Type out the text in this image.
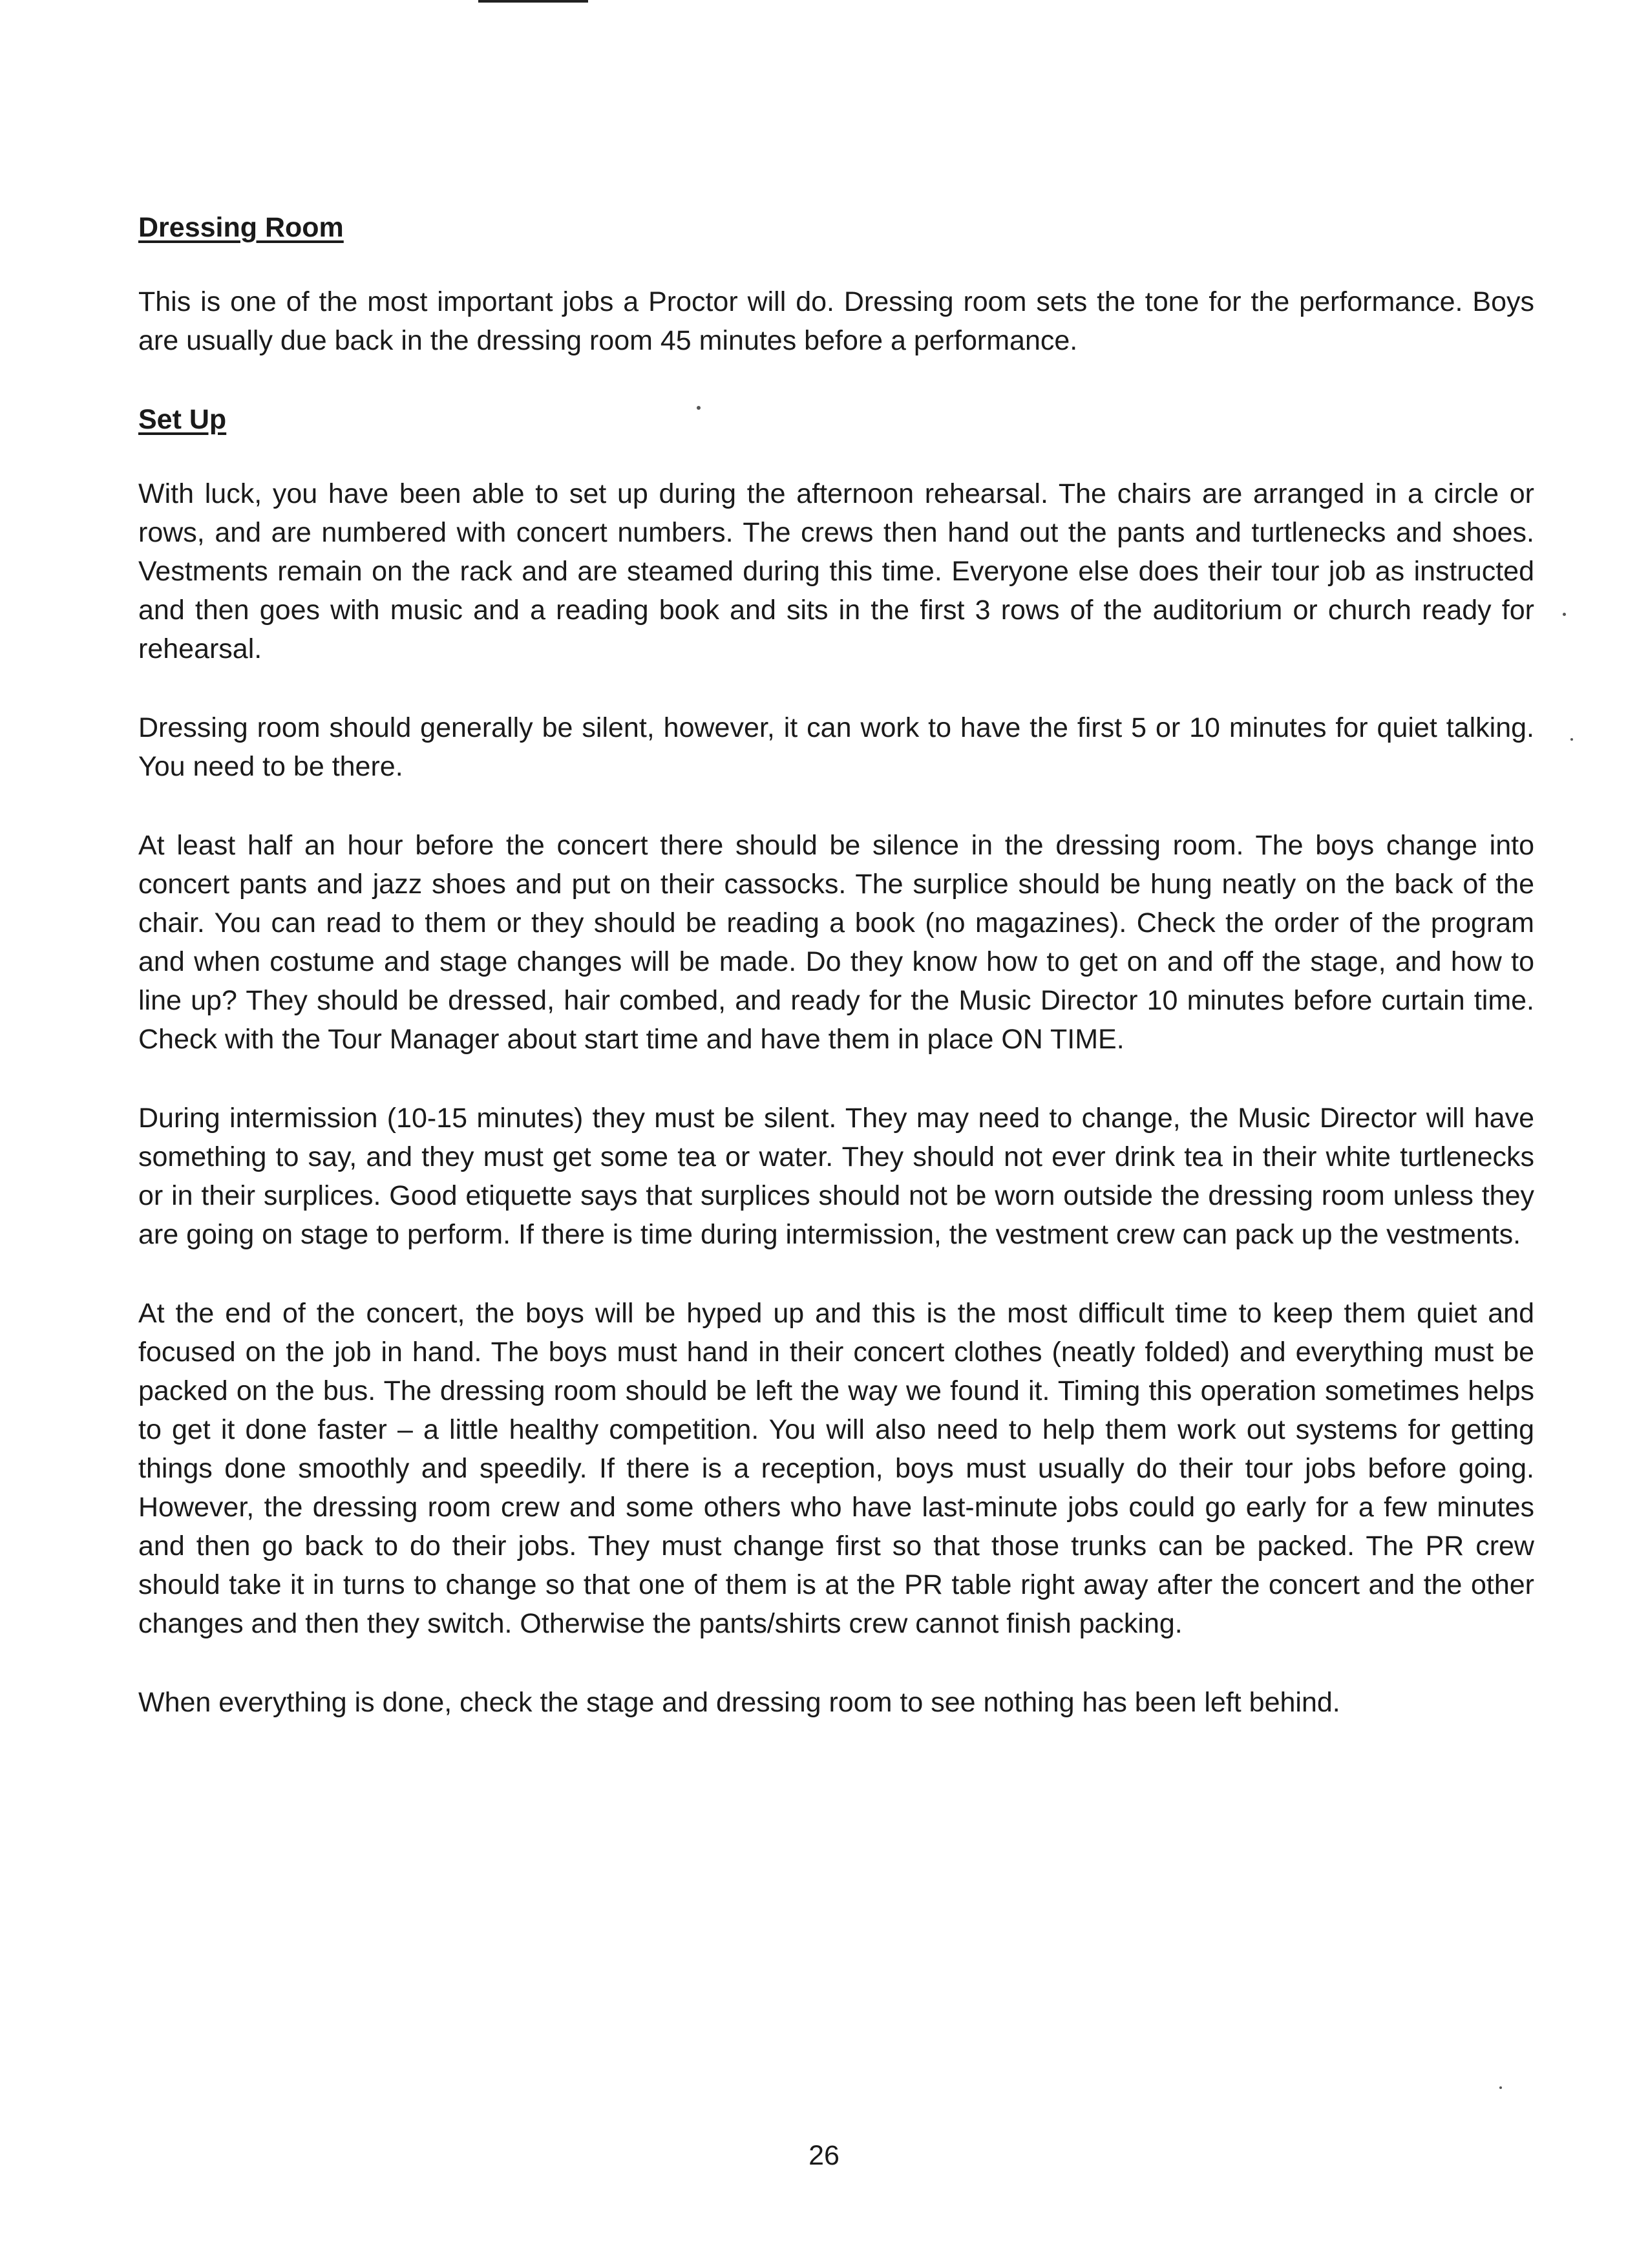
Dressing Room

This is one of the most important jobs a Proctor will do. Dressing room sets the tone for the performance. Boys are usually due back in the dressing room 45 minutes before a performance.

Set Up

With luck, you have been able to set up during the afternoon rehearsal. The chairs are arranged in a circle or rows, and are numbered with concert numbers. The crews then hand out the pants and turtlenecks and shoes. Vestments remain on the rack and are steamed during this time. Everyone else does their tour job as instructed and then goes with music and a reading book and sits in the first 3 rows of the auditorium or church ready for rehearsal.

Dressing room should generally be silent, however, it can work to have the first 5 or 10 minutes for quiet talking. You need to be there.

At least half an hour before the concert there should be silence in the dressing room. The boys change into concert pants and jazz shoes and put on their cassocks. The surplice should be hung neatly on the back of the chair. You can read to them or they should be reading a book (no magazines). Check the order of the program and when costume and stage changes will be made. Do they know how to get on and off the stage, and how to line up? They should be dressed, hair combed, and ready for the Music Director 10 minutes before curtain time. Check with the Tour Manager about start time and have them in place ON TIME.

During intermission (10-15 minutes) they must be silent. They may need to change, the Music Director will have something to say, and they must get some tea or water. They should not ever drink tea in their white turtlenecks or in their surplices. Good etiquette says that surplices should not be worn outside the dressing room unless they are going on stage to perform. If there is time during intermission, the vestment crew can pack up the vestments.

At the end of the concert, the boys will be hyped up and this is the most difficult time to keep them quiet and focused on the job in hand. The boys must hand in their concert clothes (neatly folded) and everything must be packed on the bus. The dressing room should be left the way we found it. Timing this operation sometimes helps to get it done faster – a little healthy competition. You will also need to help them work out systems for getting things done smoothly and speedily. If there is a reception, boys must usually do their tour jobs before going. However, the dressing room crew and some others who have last-minute jobs could go early for a few minutes and then go back to do their jobs. They must change first so that those trunks can be packed. The PR crew should take it in turns to change so that one of them is at the PR table right away after the concert and the other changes and then they switch. Otherwise the pants/shirts crew cannot finish packing.

When everything is done, check the stage and dressing room to see nothing has been left behind.

26
